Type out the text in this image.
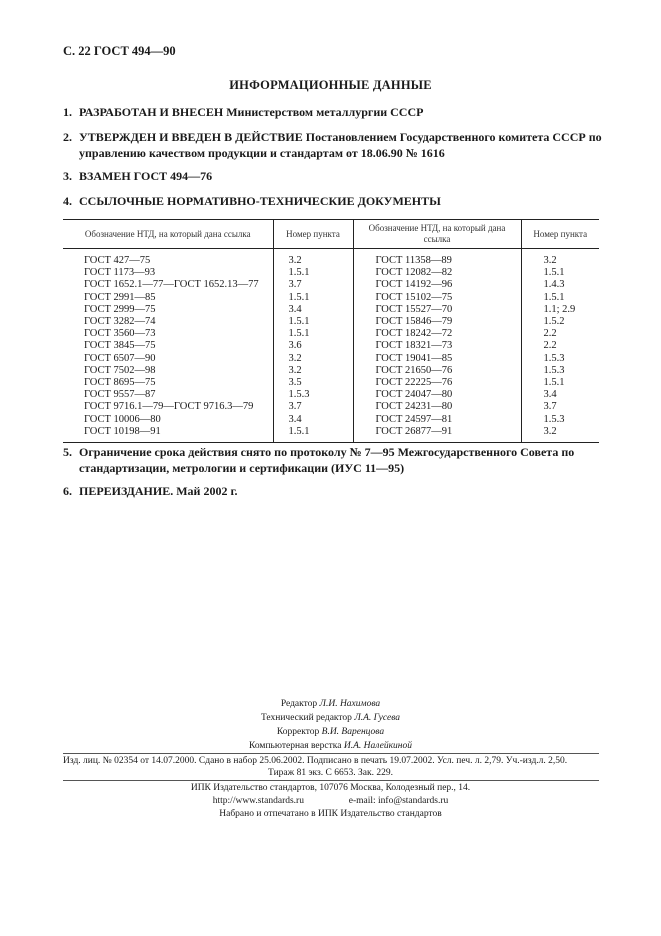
С. 22 ГОСТ 494—90
ИНФОРМАЦИОННЫЕ ДАННЫЕ
1. РАЗРАБОТАН И ВНЕСЕН Министерством металлургии СССР
2. УТВЕРЖДЕН И ВВЕДЕН В ДЕЙСТВИЕ Постановлением Государственного комитета СССР по управлению качеством продукции и стандартам от 18.06.90 № 1616
3. ВЗАМЕН ГОСТ 494—76
4. ССЫЛОЧНЫЕ НОРМАТИВНО-ТЕХНИЧЕСКИЕ ДОКУМЕНТЫ
Обозначение НТД, на который дана ссылка	Номер пункта	Обозначение НТД, на который дана ссылка	Номер пункта

ГОСТ 427—75	3.2	ГОСТ 11358—89	3.2
ГОСТ 1173—93	1.5.1	ГОСТ 12082—82	1.5.1
ГОСТ 1652.1—77—ГОСТ 1652.13—77	3.7	ГОСТ 14192—96	1.4.3
ГОСТ 2991—85	1.5.1	ГОСТ 15102—75	1.5.1
ГОСТ 2999—75	3.4	ГОСТ 15527—70	1.1; 2.9
ГОСТ 3282—74	1.5.1	ГОСТ 15846—79	1.5.2
ГОСТ 3560—73	1.5.1	ГОСТ 18242—72	2.2
ГОСТ 3845—75	3.6	ГОСТ 18321—73	2.2
ГОСТ 6507—90	3.2	ГОСТ 19041—85	1.5.3
ГОСТ 7502—98	3.2	ГОСТ 21650—76	1.5.3
ГОСТ 8695—75	3.5	ГОСТ 22225—76	1.5.1
ГОСТ 9557—87	1.5.3	ГОСТ 24047—80	3.4
ГОСТ 9716.1—79—ГОСТ 9716.3—79	3.7	ГОСТ 24231—80	3.7
ГОСТ 10006—80	3.4	ГОСТ 24597—81	1.5.3
ГОСТ 10198—91	1.5.1	ГОСТ 26877—91	3.2
5. Ограничение срока действия снято по протоколу № 7—95 Межгосударственного Совета по стандартизации, метрологии и сертификации (ИУС 11—95)
6. ПЕРЕИЗДАНИЕ. Май 2002 г.
Редактор Л.И. Нахимова
Технический редактор Л.А. Гусева
Корректор В.И. Варенцова
Компьютерная верстка И.А. Налейкиной
Изд. лиц. № 02354 от 14.07.2000. Сдано в набор 25.06.2002. Подписано в печать 19.07.2002. Усл. печ. л. 2,79. Уч.-изд.л. 2,50.
Тираж 81 экз. С 6653. Зак. 229.
ИПК Издательство стандартов, 107076 Москва, Колодезный пер., 14.
http://www.standards.ru	e-mail: info@standards.ru
Набрано и отпечатано в ИПК Издательство стандартов
